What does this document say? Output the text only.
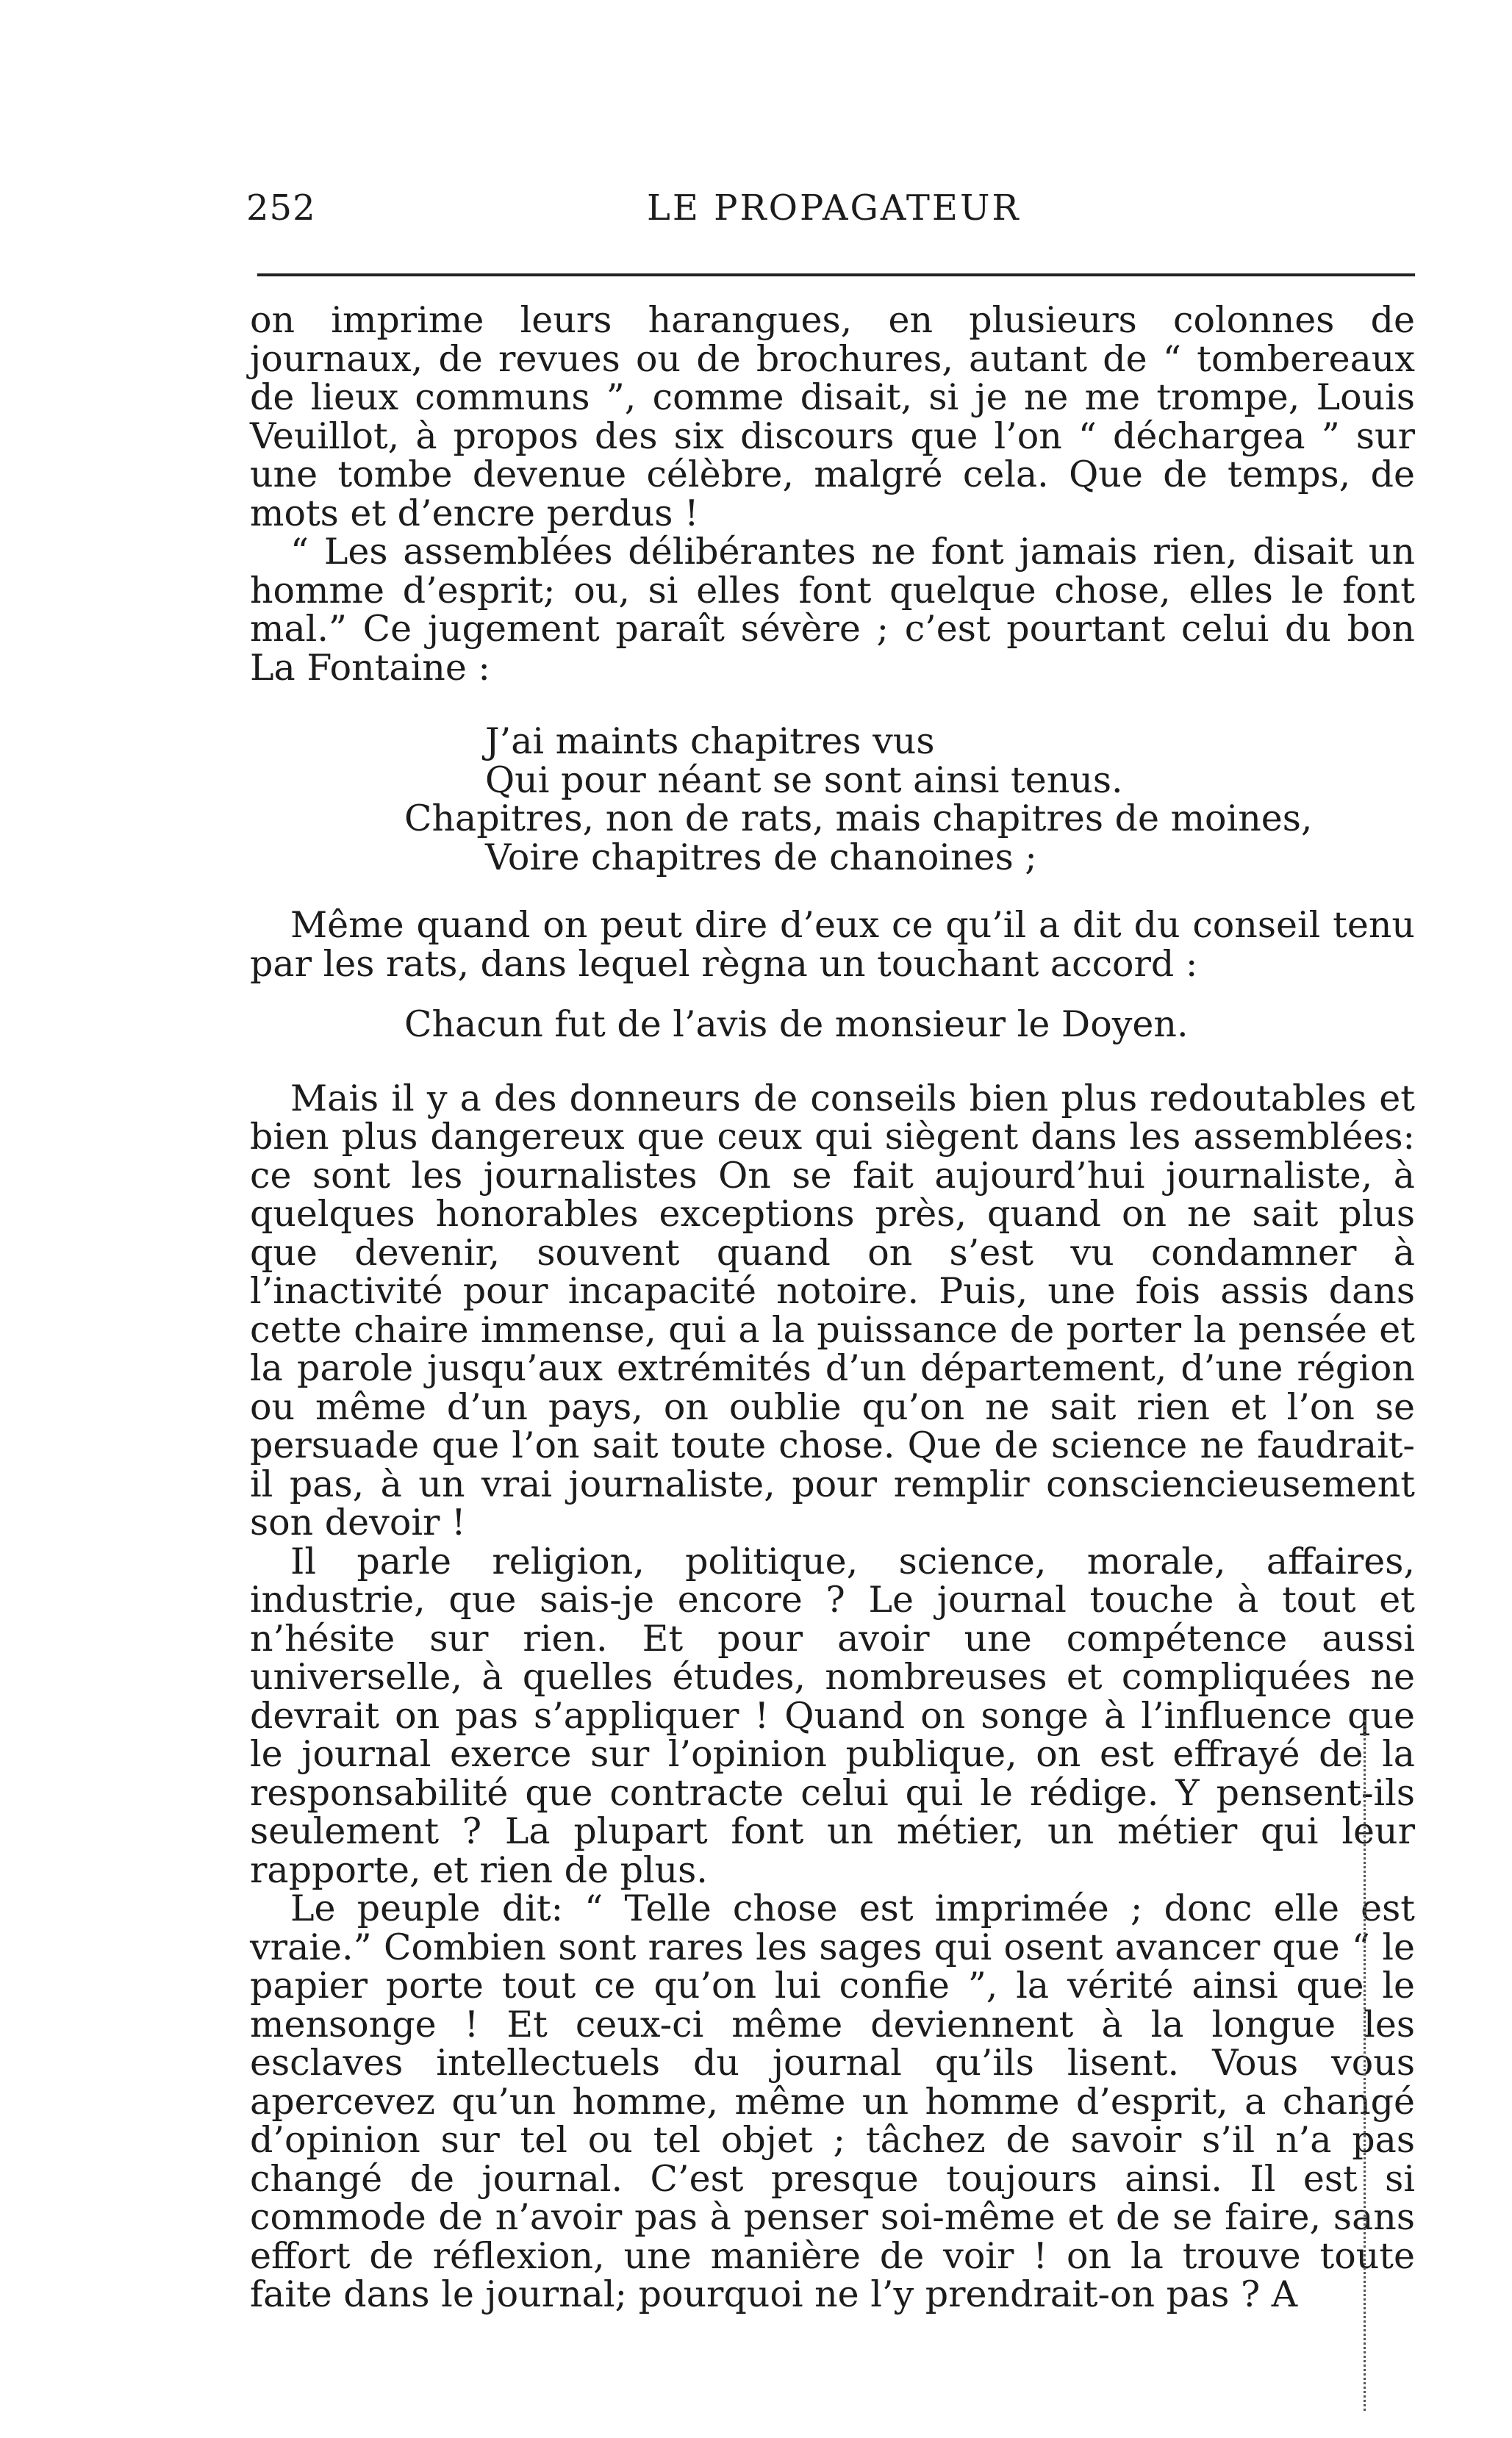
252	LE PROPAGATEUR

on imprime leurs harangues, en plusieurs colonnes de journaux, de revues ou de brochures, autant de “ tombereaux de lieux communs ”, comme disait, si je ne me trompe, Louis Veuillot, à propos des six discours que l’on “ déchargea ” sur une tombe devenue célèbre, malgré cela. Que de temps, de mots et d’encre perdus !

“ Les assemblées délibérantes ne font jamais rien, disait un homme d’esprit; ou, si elles font quelque chose, elles le font mal.” Ce jugement paraît sévère ; c’est pourtant celui du bon La Fontaine :

J’ai maints chapitres vus
Qui pour néant se sont ainsi tenus.
Chapitres, non de rats, mais chapitres de moines,
Voire chapitres de chanoines ;

Même quand on peut dire d’eux ce qu’il a dit du conseil tenu par les rats, dans lequel règna un touchant accord :

Chacun fut de l’avis de monsieur le Doyen.

Mais il y a des donneurs de conseils bien plus redoutables et bien plus dangereux que ceux qui siègent dans les assemblées: ce sont les journalistes On se fait aujourd’hui journaliste, à quelques honorables exceptions près, quand on ne sait plus que devenir, souvent quand on s’est vu condamner à l’inactivité pour incapacité notoire. Puis, une fois assis dans cette chaire immense, qui a la puissance de porter la pensée et la parole jusqu’aux extrémités d’un département, d’une région ou même d’un pays, on oublie qu’on ne sait rien et l’on se persuade que l’on sait toute chose. Que de science ne faudrait-il pas, à un vrai journaliste, pour remplir consciencieusement son devoir !

Il parle religion, politique, science, morale, affaires, industrie, que sais-je encore ? Le journal touche à tout et n’hésite sur rien. Et pour avoir une compétence aussi universelle, à quelles études, nombreuses et compliquées ne devrait on pas s’appliquer ! Quand on songe à l’influence que le journal exerce sur l’opinion publique, on est effrayé de la responsabilité que contracte celui qui le rédige. Y pensent-ils seulement ? La plupart font un métier, un métier qui leur rapporte, et rien de plus.

Le peuple dit: “ Telle chose est imprimée ; donc elle est vraie.” Combien sont rares les sages qui osent avancer que “ le papier porte tout ce qu’on lui confie ”, la vérité ainsi que le mensonge ! Et ceux-ci même deviennent à la longue les esclaves intellectuels du journal qu’ils lisent. Vous vous apercevez qu’un homme, même un homme d’esprit, a changé d’opinion sur tel ou tel objet ; tâchez de savoir s’il n’a pas changé de journal. C’est presque toujours ainsi. Il est si commode de n’avoir pas à penser soi-même et de se faire, sans effort de réflexion, une manière de voir ! on la trouve toute faite dans le journal; pourquoi ne l’y prendrait-on pas ? A
